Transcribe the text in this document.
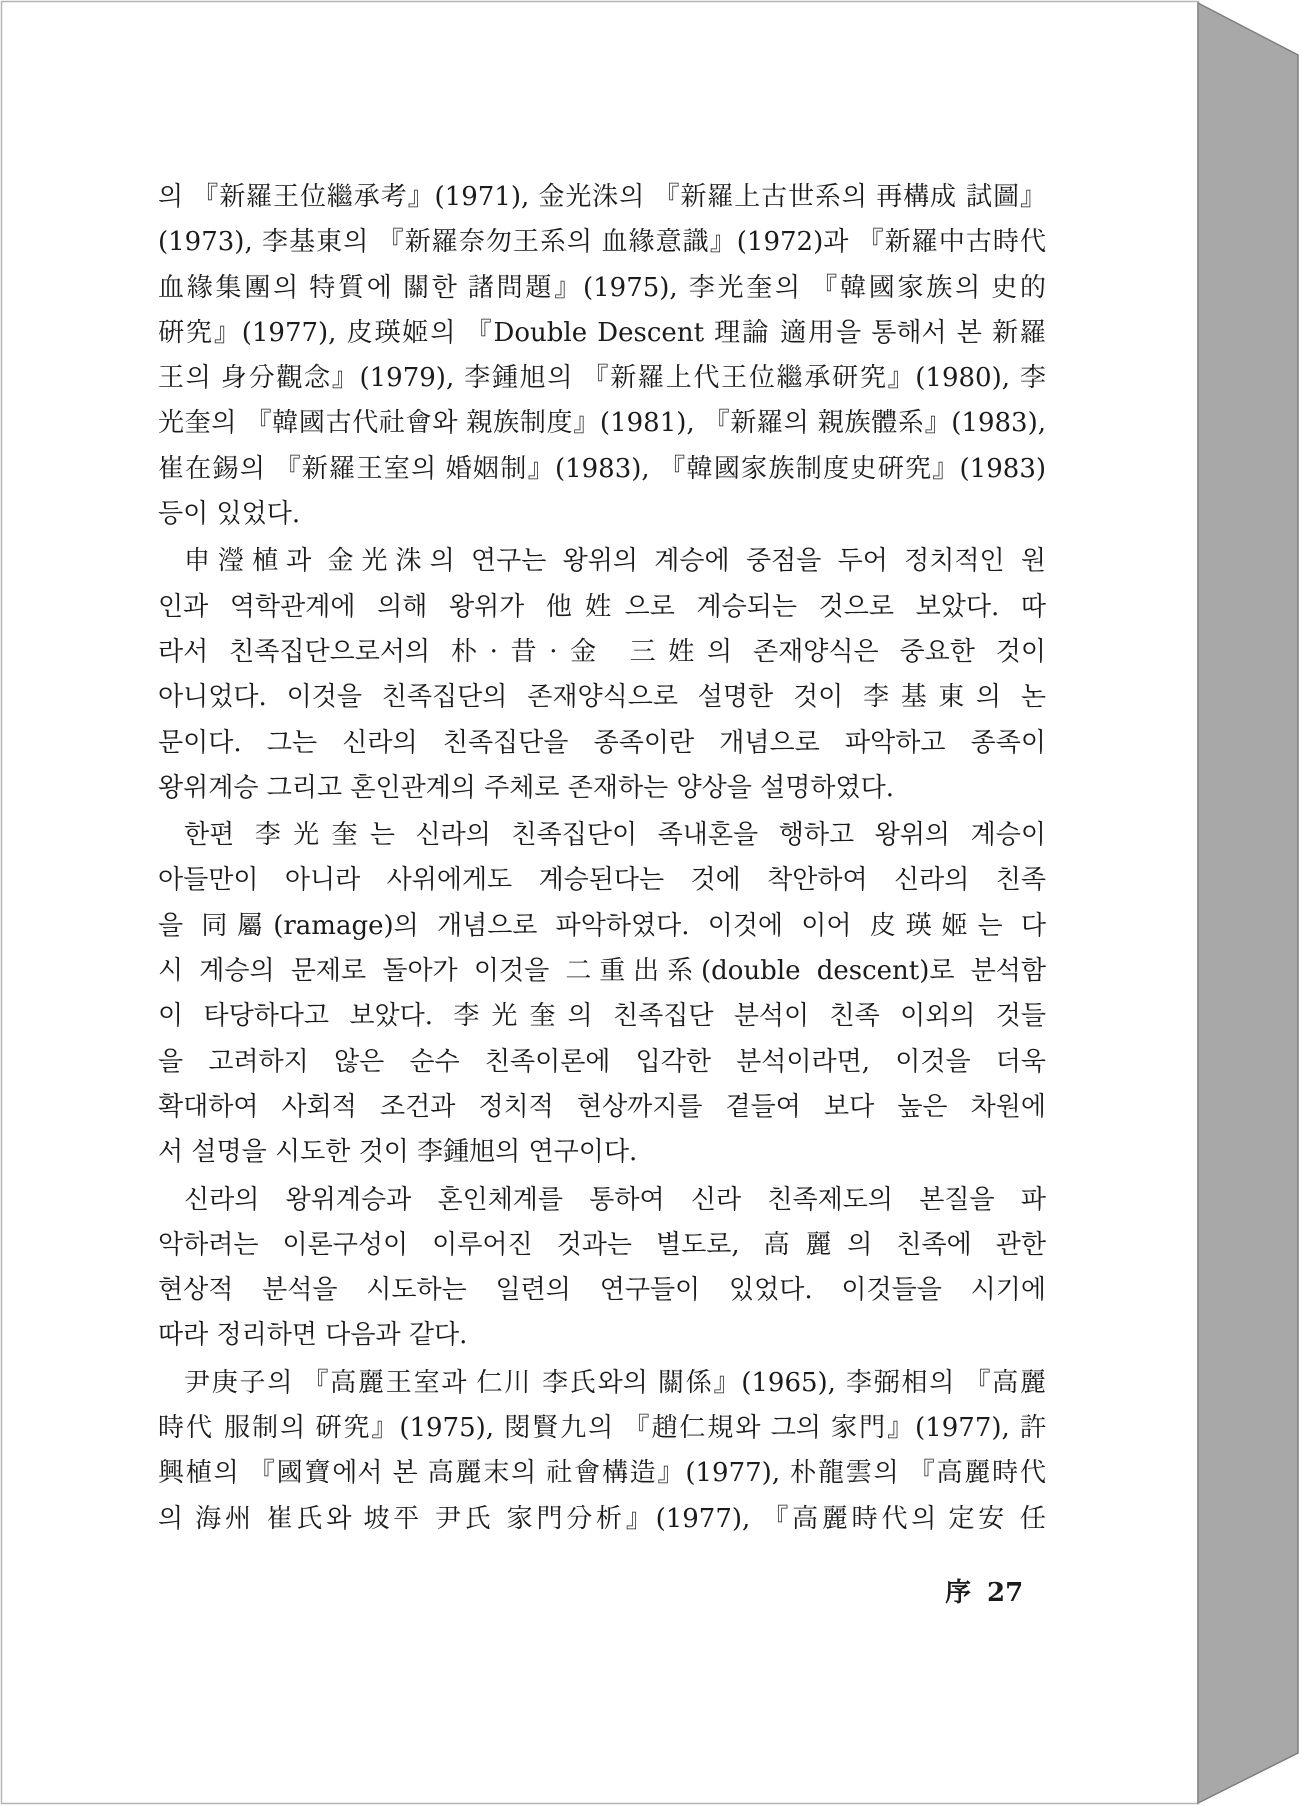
의 『新羅王位繼承考』(1971), 金光洙의 『新羅上古世系의 再構成 試圖』
(1973), 李基東의 『新羅奈勿王系의 血緣意識』(1972)과 『新羅中古時代
血緣集團의 特質에 關한 諸問題』(1975), 李光奎의 『韓國家族의 史的
硏究』(1977), 皮瑛姬의 『Double Descent 理論 適用을 통해서 본 新羅
王의 身分觀念』(1979), 李鍾旭의 『新羅上代王位繼承研究』(1980), 李
光奎의 『韓國古代社會와 親族制度』(1981), 『新羅의 親族體系』(1983),
崔在錫의 『新羅王室의 婚姻制』(1983), 『韓國家族制度史硏究』(1983)
등이 있었다.
申瀅植과 金光洙의 연구는 왕위의 계승에 중점을 두어 정치적인 원
인과 역학관계에 의해 왕위가 他姓으로 계승되는 것으로 보았다. 따
라서 친족집단으로서의 朴·昔·金 三姓의 존재양식은 중요한 것이
아니었다. 이것을 친족집단의 존재양식으로 설명한 것이 李基東의 논
문이다. 그는 신라의 친족집단을 종족이란 개념으로 파악하고 종족이
왕위계승 그리고 혼인관계의 주체로 존재하는 양상을 설명하였다.
한편 李光奎는 신라의 친족집단이 족내혼을 행하고 왕위의 계승이
아들만이 아니라 사위에게도 계승된다는 것에 착안하여 신라의 친족
을 同屬(ramage)의 개념으로 파악하였다. 이것에 이어 皮瑛姬는 다
시 계승의 문제로 돌아가 이것을 二重出系(double descent)로 분석함
이 타당하다고 보았다. 李光奎의 친족집단 분석이 친족 이외의 것들
을 고려하지 않은 순수 친족이론에 입각한 분석이라면, 이것을 더욱
확대하여 사회적 조건과 정치적 현상까지를 곁들여 보다 높은 차원에
서 설명을 시도한 것이 李鍾旭의 연구이다.
신라의 왕위계승과 혼인체계를 통하여 신라 친족제도의 본질을 파
악하려는 이론구성이 이루어진 것과는 별도로, 高麗의 친족에 관한
현상적 분석을 시도하는 일련의 연구들이 있었다. 이것들을 시기에
따라 정리하면 다음과 같다.
尹庚子의 『高麗王室과 仁川 李氏와의 關係』(1965), 李弼相의 『高麗
時代 服制의 硏究』(1975), 閔賢九의 『趙仁規와 그의 家門』(1977), 許
興植의 『國寶에서 본 高麗末의 社會構造』(1977), 朴龍雲의 『高麗時代
의 海州 崔氏와 坡平 尹氏 家門分析』(1977), 『高麗時代의 定安 任
序 27
